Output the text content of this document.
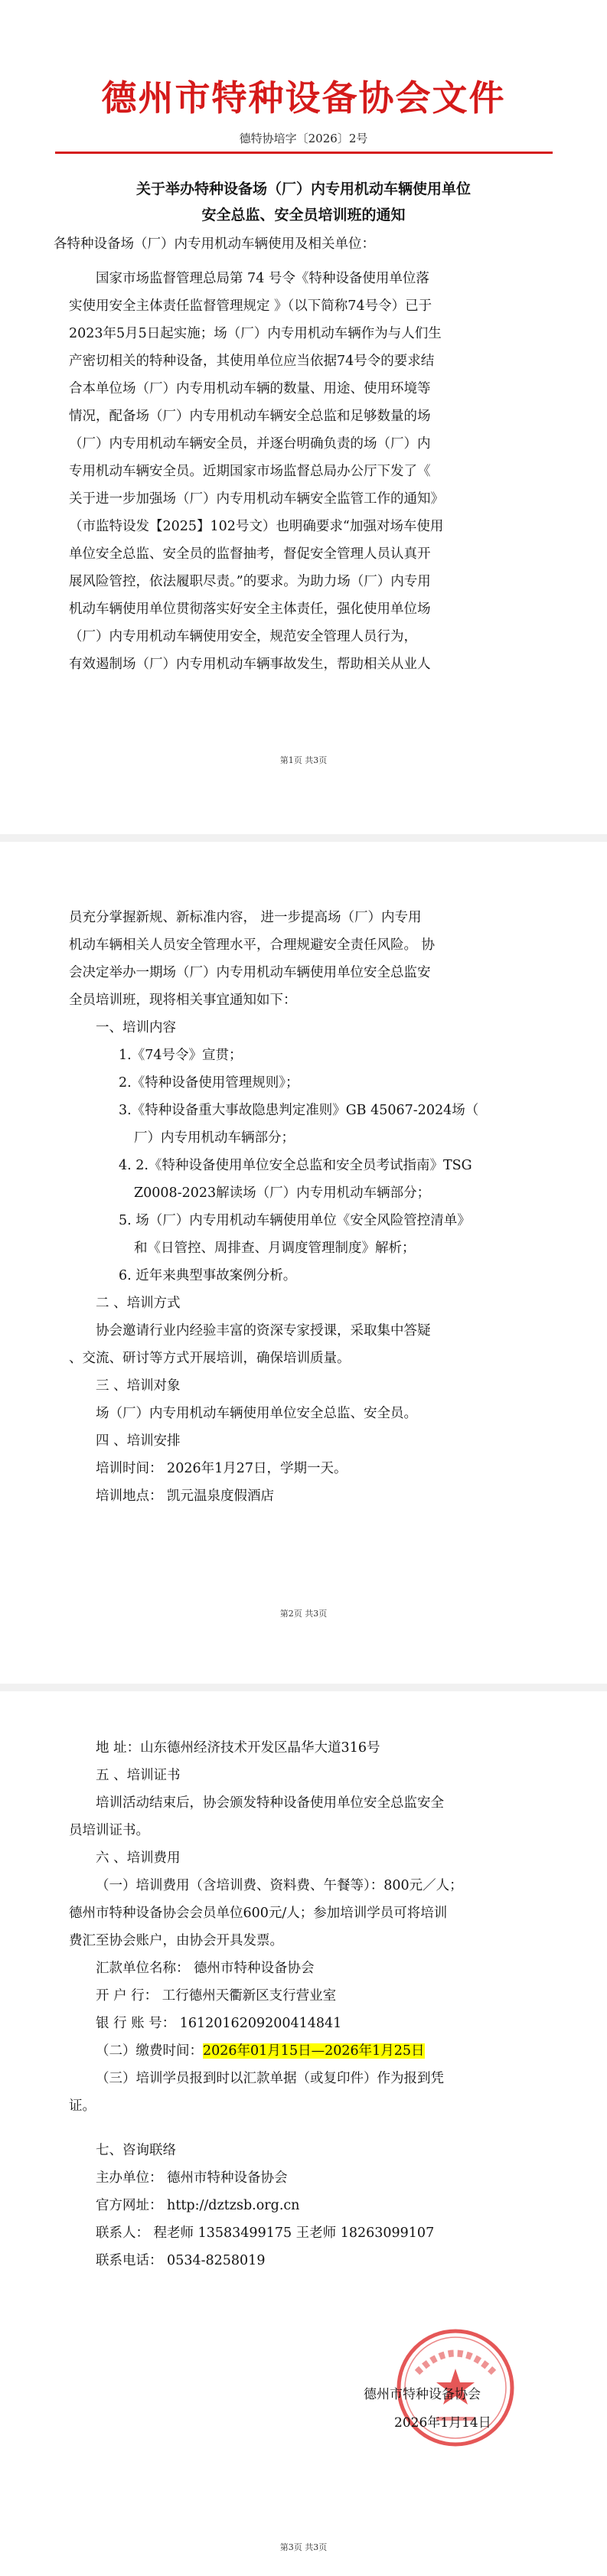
德州市特种设备协会文件
德特协培字〔2026〕2号
关于举办特种设备场（厂）内专用机动车辆使用单位
安全总监、安全员培训班的通知
各特种设备场（厂）内专用机动车辆使用及相关单位：
国家市场监督管理总局第 74 号令《特种设备使用单位落
实使用安全主体责任监督管理规定 》（以下简称74号令）已于
2023年5月5日起实施；场（厂）内专用机动车辆作为与人们生
产密切相关的特种设备，其使用单位应当依据74号令的要求结
合本单位场（厂）内专用机动车辆的数量、用途、使用环境等
情况，配备场（厂）内专用机动车辆安全总监和足够数量的场
（厂）内专用机动车辆安全员，并逐台明确负责的场（厂）内
专用机动车辆安全员。近期国家市场监督总局办公厅下发了《
关于进一步加强场（厂）内专用机动车辆安全监管工作的通知》
（市监特设发【2025】102号文）也明确要求“加强对场车使用
单位安全总监、安全员的监督抽考，督促安全管理人员认真开
展风险管控，依法履职尽责。”的要求。为助力场（厂）内专用
机动车辆使用单位贯彻落实好安全主体责任，强化使用单位场
（厂）内专用机动车辆使用安全，规范安全管理人员行为，
有效遏制场（厂）内专用机动车辆事故发生，帮助相关从业人
第1页 共3页
员充分掌握新规、新标准内容， 进一步提高场（厂）内专用
机动车辆相关人员安全管理水平，合理规避安全责任风险。 协
会决定举办一期场（厂）内专用机动车辆使用单位安全总监安
全员培训班，现将相关事宜通知如下：
一、培训内容
1.《74号令》宣贯；
2.《特种设备使用管理规则》；
3.《特种设备重大事故隐患判定准则》GB 45067-2024场（
厂）内专用机动车辆部分；
4. 2.《特种设备使用单位安全总监和安全员考试指南》TSG
Z0008-2023解读场（厂）内专用机动车辆部分；
5. 场（厂）内专用机动车辆使用单位《安全风险管控清单》
和《日管控、周排查、月调度管理制度》解析；
6. 近年来典型事故案例分析。
二 、培训方式
协会邀请行业内经验丰富的资深专家授课，采取集中答疑
、交流、研讨等方式开展培训，确保培训质量。
三 、培训对象
场（厂）内专用机动车辆使用单位安全总监、安全员。
四 、培训安排
培训时间： 2026年1月27日，学期一天。
培训地点： 凯元温泉度假酒店
第2页 共3页
地 址：山东德州经济技术开发区晶华大道316号
五 、培训证书
培训活动结束后，协会颁发特种设备使用单位安全总监安全
员培训证书。
六 、培训费用
（一）培训费用（含培训费、资料费、午餐等）：800元／人；
德州市特种设备协会会员单位600元/人；参加培训学员可将培训
费汇至协会账户，由协会开具发票。
汇款单位名称： 德州市特种设备协会
开 户 行： 工行德州天衢新区支行营业室
银 行 账 号： 1612016209200414841
（二）缴费时间：2026年01月15日—2026年1月25日
（三）培训学员报到时以汇款单据（或复印件）作为报到凭
证。
七、咨询联络
主办单位： 德州市特种设备协会
官方网址： http://dztzsb.org.cn
联系人： 程老师 13583499175 王老师 18263099107
联系电话： 0534-8258019
德州市特种设备协会
2026年1月14日
第3页 共3页
